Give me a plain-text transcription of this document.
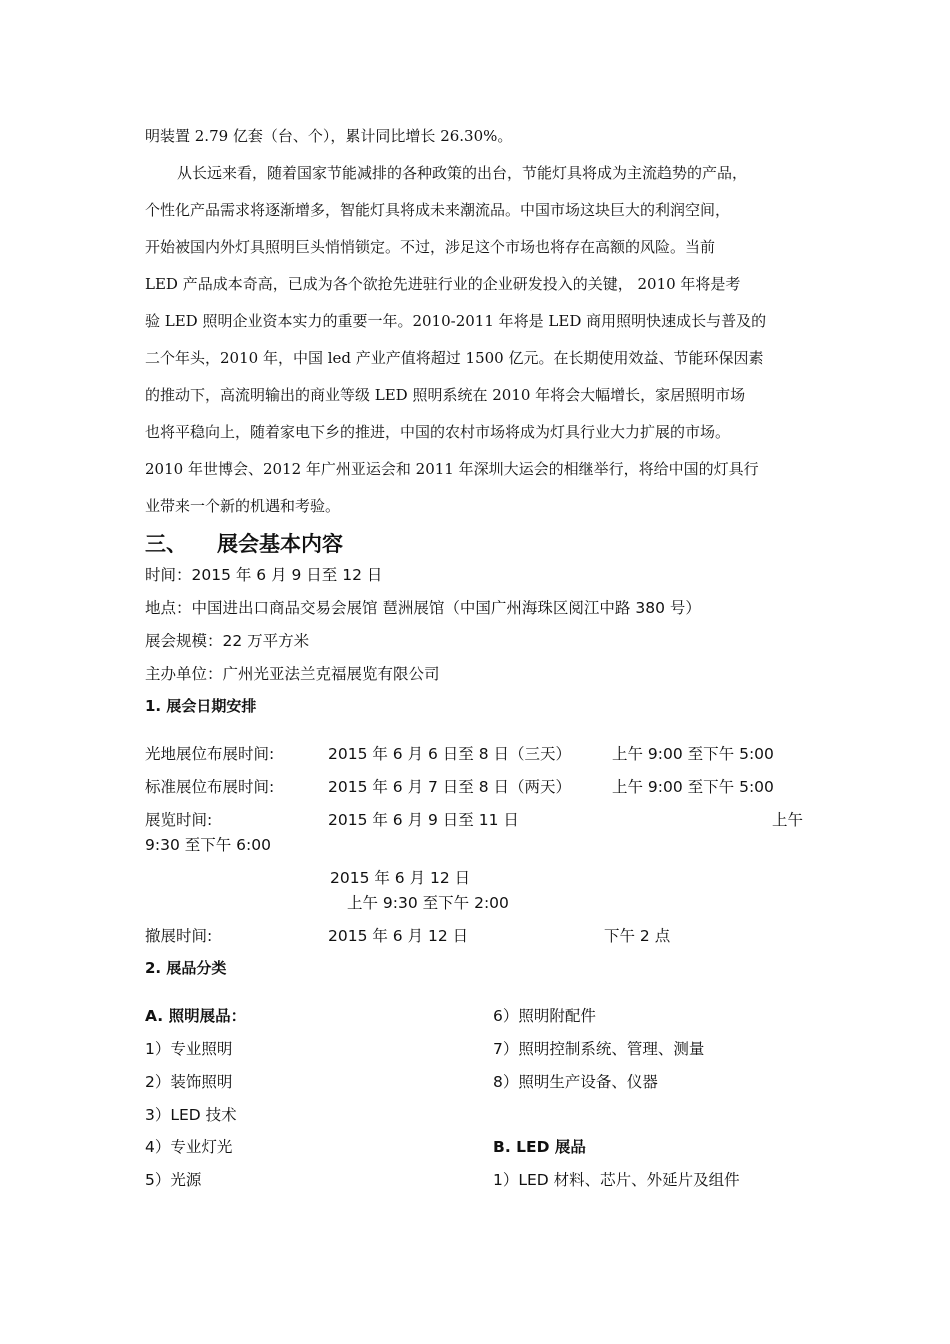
明装置 2.79 亿套（台、个），累计同比增长 26.30%。
从长远来看，随着国家节能减排的各种政策的出台，节能灯具将成为主流趋势的产品，
个性化产品需求将逐渐增多，智能灯具将成未来潮流品。中国市场这块巨大的利润空间，
开始被国内外灯具照明巨头悄悄锁定。不过，涉足这个市场也将存在高额的风险。当前
LED 产品成本奇高，已成为各个欲抢先进驻行业的企业研发投入的关键， 2010 年将是考
验 LED 照明企业资本实力的重要一年。2010-2011 年将是 LED 商用照明快速成长与普及的
二个年头，2010 年，中国 led 产业产值将超过 1500 亿元。在长期使用效益、节能环保因素
的推动下，高流明输出的商业等级 LED 照明系统在 2010 年将会大幅增长，家居照明市场
也将平稳向上，随着家电下乡的推进，中国的农村市场将成为灯具行业大力扩展的市场。
2010 年世博会、2012 年广州亚运会和 2011 年深圳大运会的相继举行，将给中国的灯具行
业带来一个新的机遇和考验。
三、 展会基本内容
时间：2015 年 6 月 9 日至 12 日
地点：中国进出口商品交易会展馆 琶洲展馆（中国广州海珠区阅江中路 380 号）
展会规模：22 万平方米
主办单位：广州光亚法兰克福展览有限公司
1. 展会日期安排
光地展位布展时间:	2015 年 6 月 6 日至 8 日（三天）	上午 9:00 至下午 5:00
标准展位布展时间:	2015 年 6 月 7 日至 8 日（两天）	上午 9:00 至下午 5:00
展览时间:	2015 年 6 月 9 日至 11 日	上午
9:30 至下午 6:00
2015 年 6 月 12 日
上午 9:30 至下午 2:00
撤展时间:	2015 年 6 月 12 日	下午 2 点
2. 展品分类
A. 照明展品：
1）专业照明
2）装饰照明
3）LED 技术
4）专业灯光
5）光源
6）照明附配件
7）照明控制系统、管理、测量
8）照明生产设备、仪器
B. LED 展品
1）LED 材料、芯片、外延片及组件
